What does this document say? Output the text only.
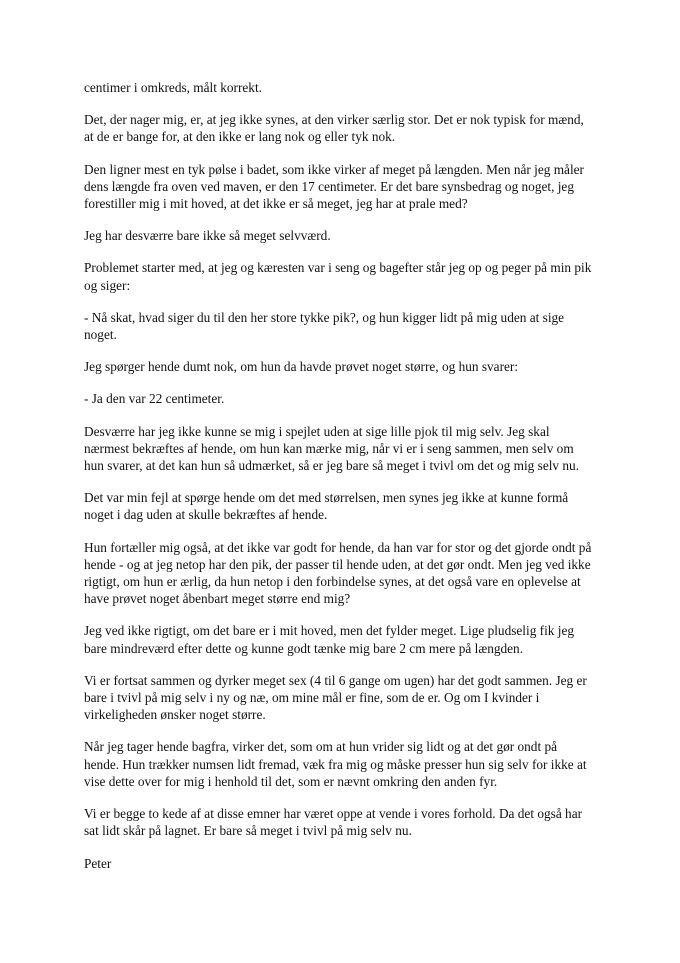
centimer i omkreds, målt korrekt.

Det, der nager mig, er, at jeg ikke synes, at den virker særlig stor. Det er nok typisk for mænd,
at de er bange for, at den ikke er lang nok og eller tyk nok.

Den ligner mest en tyk pølse i badet, som ikke virker af meget på længden. Men når jeg måler
dens længde fra oven ved maven, er den 17 centimeter. Er det bare synsbedrag og noget, jeg
forestiller mig i mit hoved, at det ikke er så meget, jeg har at prale med?

Jeg har desværre bare ikke så meget selvværd.

Problemet starter med, at jeg og kæresten var i seng og bagefter står jeg op og peger på min pik
og siger:

- Nå skat, hvad siger du til den her store tykke pik?, og hun kigger lidt på mig uden at sige
noget.

Jeg spørger hende dumt nok, om hun da havde prøvet noget større, og hun svarer:

- Ja den var 22 centimeter.

Desværre har jeg ikke kunne se mig i spejlet uden at sige lille pjok til mig selv. Jeg skal
nærmest bekræftes af hende, om hun kan mærke mig, når vi er i seng sammen, men selv om
hun svarer, at det kan hun så udmærket, så er jeg bare så meget i tvivl om det og mig selv nu.

Det var min fejl at spørge hende om det med størrelsen, men synes jeg ikke at kunne formå
noget i dag uden at skulle bekræftes af hende.

Hun fortæller mig også, at det ikke var godt for hende, da han var for stor og det gjorde ondt på
hende - og at jeg netop har den pik, der passer til hende uden, at det gør ondt. Men jeg ved ikke
rigtigt, om hun er ærlig, da hun netop i den forbindelse synes, at det også vare en oplevelse at
have prøvet noget åbenbart meget større end mig?

Jeg ved ikke rigtigt, om det bare er i mit hoved, men det fylder meget. Lige pludselig fik jeg
bare mindreværd efter dette og kunne godt tænke mig bare 2 cm mere på længden.

Vi er fortsat sammen og dyrker meget sex (4 til 6 gange om ugen) har det godt sammen. Jeg er
bare i tvivl på mig selv i ny og næ, om mine mål er fine, som de er. Og om I kvinder i
virkeligheden ønsker noget større.

Når jeg tager hende bagfra, virker det, som om at hun vrider sig lidt og at det gør ondt på
hende. Hun trækker numsen lidt fremad, væk fra mig og måske presser hun sig selv for ikke at
vise dette over for mig i henhold til det, som er nævnt omkring den anden fyr.

Vi er begge to kede af at disse emner har været oppe at vende i vores forhold. Da det også har
sat lidt skår på lagnet. Er bare så meget i tvivl på mig selv nu.

Peter
